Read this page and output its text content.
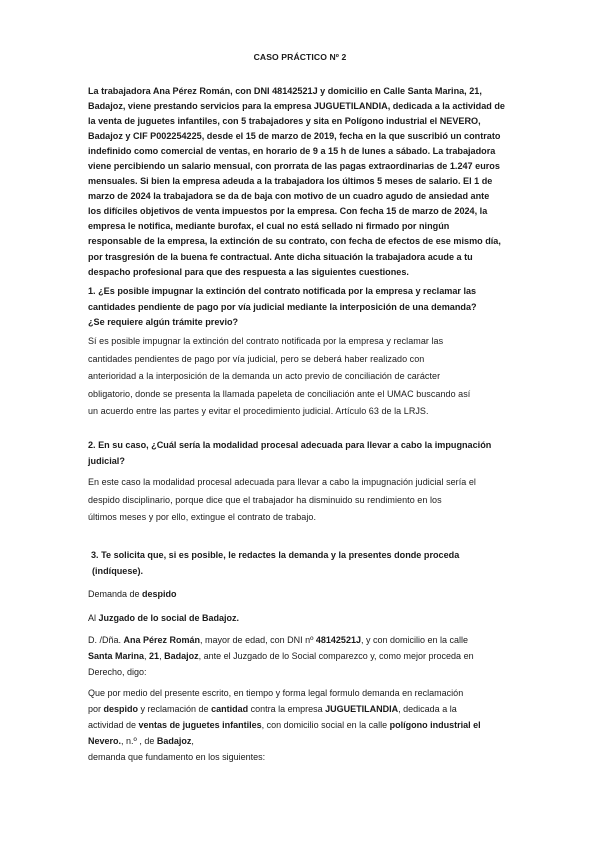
CASO PRÁCTICO Nº 2
La trabajadora Ana Pérez Román, con DNI 48142521J y domicilio en Calle Santa Marina, 21,
Badajoz, viene prestando servicios para la empresa JUGUETILANDIA, dedicada a la actividad de
la venta de juguetes infantiles, con 5 trabajadores y sita en Polígono industrial el NEVERO,
Badajoz y CIF P002254225, desde el 15 de marzo de 2019, fecha en la que suscribió un contrato
indefinido como comercial de ventas, en horario de 9 a 15 h de lunes a sábado. La trabajadora
viene percibiendo un salario mensual, con prorrata de las pagas extraordinarias de 1.247 euros
mensuales. Si bien la empresa adeuda a la trabajadora los últimos 5 meses de salario. El 1 de
marzo de 2024 la trabajadora se da de baja con motivo de un cuadro agudo de ansiedad ante
los difíciles objetivos de venta impuestos por la empresa. Con fecha 15 de marzo de 2024, la
empresa le notifica, mediante burofax, el cual no está sellado ni firmado por ningún
responsable de la empresa, la extinción de su contrato, con fecha de efectos de ese mismo día,
por trasgresión de la buena fe contractual. Ante dicha situación la trabajadora acude a tu
despacho profesional para que des respuesta a las siguientes cuestiones.
1. ¿Es posible impugnar la extinción del contrato notificada por la empresa y reclamar las
cantidades pendiente de pago por vía judicial mediante la interposición de una demanda?
¿Se requiere algún trámite previo?
Sí es posible impugnar la extinción del contrato notificada por la empresa y reclamar las
cantidades pendientes de pago por vía judicial, pero se deberá haber realizado con
anterioridad a la interposición de la demanda un acto previo de conciliación de carácter
obligatorio, donde se presenta la llamada papeleta de conciliación ante el UMAC buscando así
un acuerdo entre las partes y evitar el procedimiento judicial. Artículo 63 de la LRJS.
2. En su caso, ¿Cuál sería la modalidad procesal adecuada para llevar a cabo la impugnación
judicial?
En este caso la modalidad procesal adecuada para llevar a cabo la impugnación judicial sería el
despido disciplinario, porque dice que el trabajador ha disminuido su rendimiento en los
últimos meses y por ello, extingue el contrato de trabajo.
3. Te solicita que, si es posible, le redactes la demanda y la presentes donde proceda
(indíquese).
Demanda de despido
Al Juzgado de lo social de Badajoz.
D. /Dña. Ana Pérez Román, mayor de edad, con DNI nº 48142521J, y con domicilio en la calle
Santa Marina, 21, Badajoz, ante el Juzgado de lo Social comparezco y, como mejor proceda en
Derecho, digo:
Que por medio del presente escrito, en tiempo y forma legal formulo demanda en reclamación
por despido y reclamación de cantidad contra la empresa JUGUETILANDIA, dedicada a la
actividad de ventas de juguetes infantiles, con domicilio social en la calle polígono industrial el
Nevero., n.º , de Badajoz,
demanda que fundamento en los siguientes:
